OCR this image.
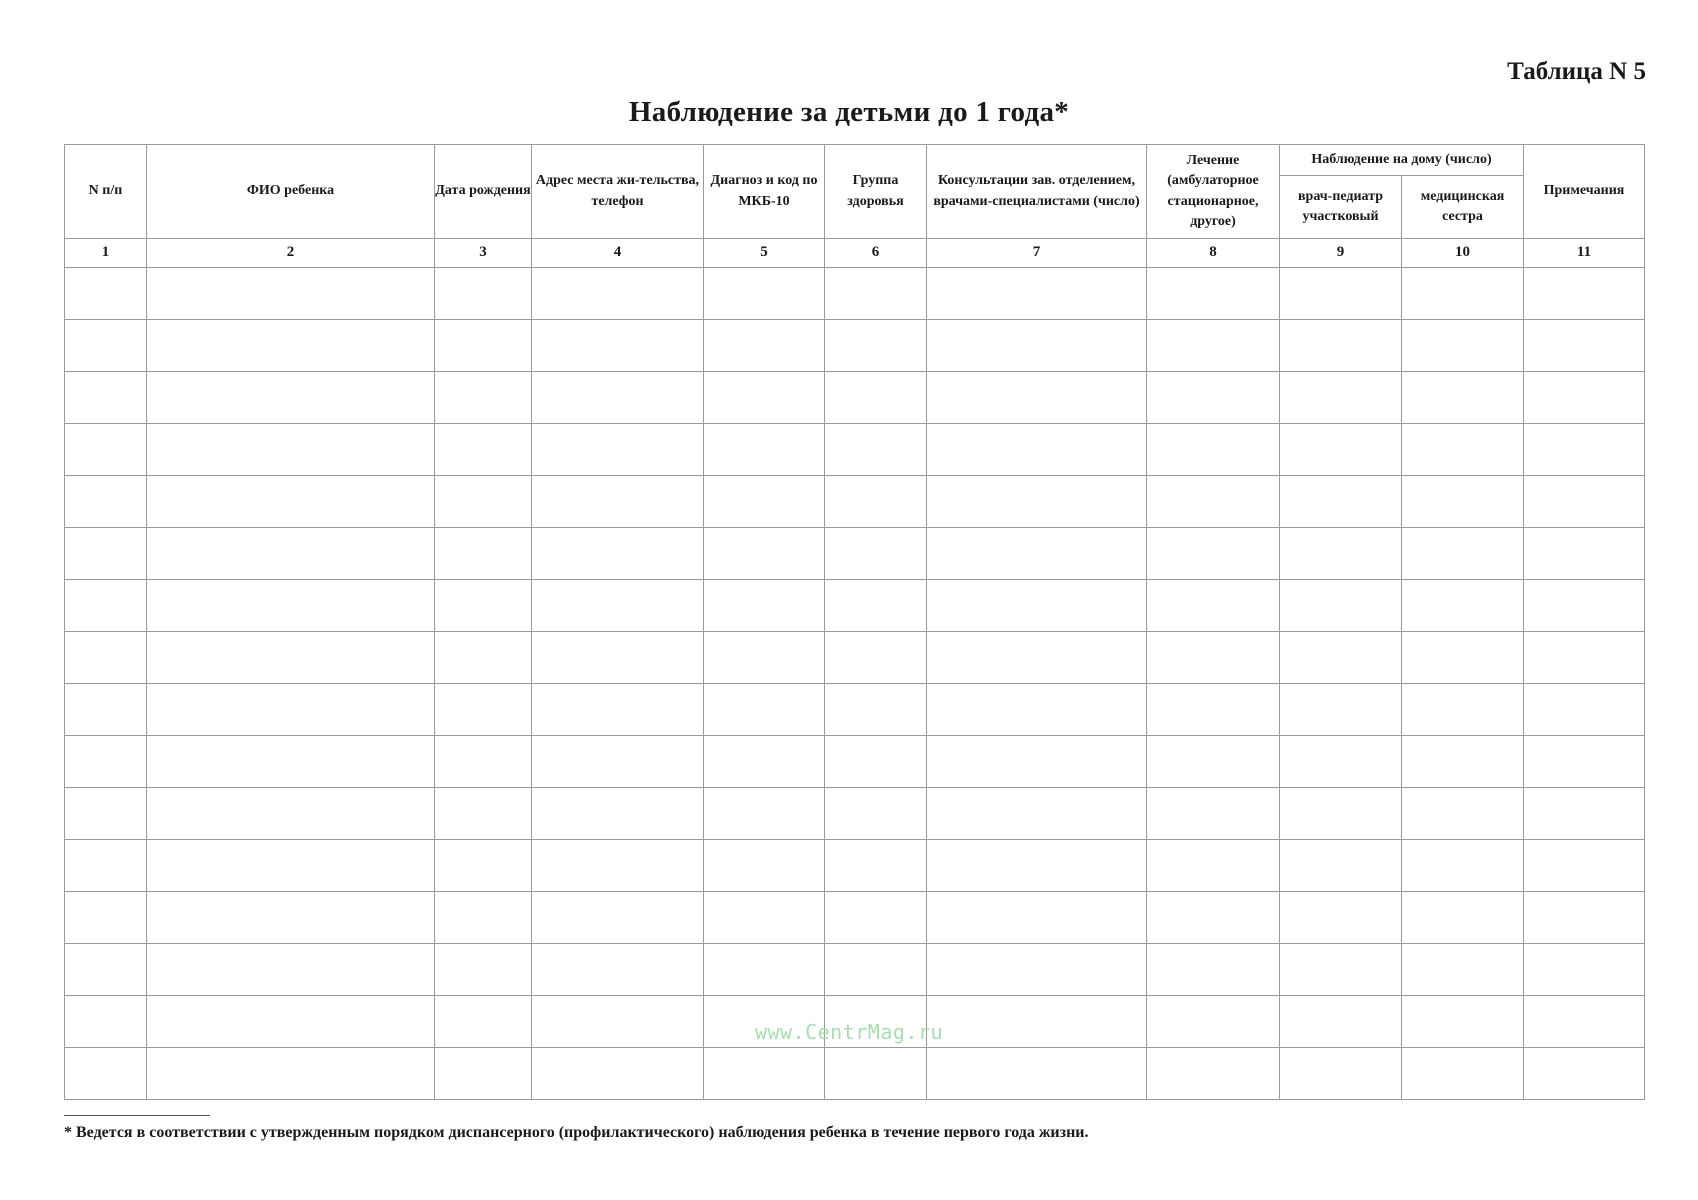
Таблица N 5
Наблюдение за детьми до 1 года*
N п/п	ФИО ребенка	Дата рождения	Адрес места жи-тельства, телефон	Диагноз и код по МКБ-10	Группа здоровья	Консультации зав. отделением, врачами-специалистами (число)	Лечение (амбулаторное стационарное, другое)	Наблюдение на дому (число)		Примечания
								врач-педиатр участковый	медицинская сестра	
1	2	3	4	5	6	7	8	9	10	11

www.CentrMag.ru
* Ведется в соответствии с утвержденным порядком диспансерного (профилактического) наблюдения ребенка в течение первого года жизни.
